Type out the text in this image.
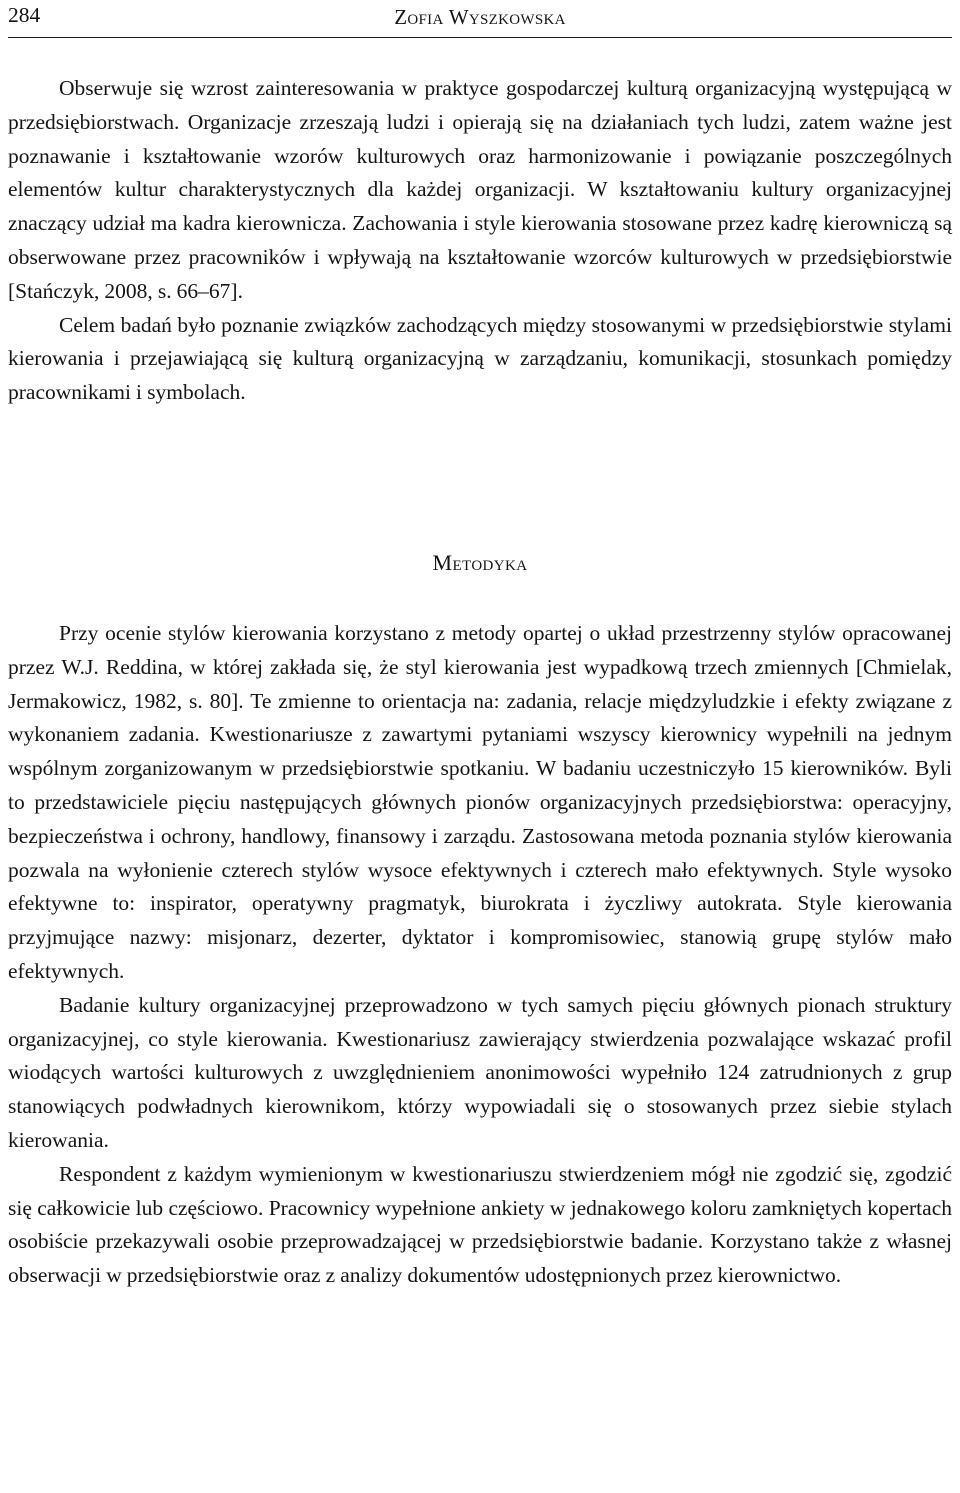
284	Zofia Wyszkowska

Obserwuje się wzrost zainteresowania w praktyce gospodarczej kulturą organizacyjną występującą w przedsiębiorstwach. Organizacje zrzeszają ludzi i opierają się na działaniach tych ludzi, zatem ważne jest poznawanie i kształtowanie wzorów kulturowych oraz harmonizowanie i powiązanie poszczególnych elementów kultur charakterystycznych dla każdej organizacji. W kształtowaniu kultury organizacyjnej znaczący udział ma kadra kierownicza. Zachowania i style kierowania stosowane przez kadrę kierowniczą są obserwowane przez pracowników i wpływają na kształtowanie wzorców kulturowych w przedsiębiorstwie [Stańczyk, 2008, s. 66–67].

Celem badań było poznanie związków zachodzących między stosowanymi w przedsiębiorstwie stylami kierowania i przejawiającą się kulturą organizacyjną w zarządzaniu, komunikacji, stosunkach pomiędzy pracownikami i symbolach.

Metodyka

Przy ocenie stylów kierowania korzystano z metody opartej o układ przestrzenny stylów opracowanej przez W.J. Reddina, w której zakłada się, że styl kierowania jest wypadkową trzech zmiennych [Chmielak, Jermakowicz, 1982, s. 80]. Te zmienne to orientacja na: zadania, relacje międzyludzkie i efekty związane z wykonaniem zadania. Kwestionariusze z zawartymi pytaniami wszyscy kierownicy wypełnili na jednym wspólnym zorganizowanym w przedsiębiorstwie spotkaniu. W badaniu uczestniczyło 15 kierowników. Byli to przedstawiciele pięciu następujących głównych pionów organizacyjnych przedsiębiorstwa: operacyjny, bezpieczeństwa i ochrony, handlowy, finansowy i zarządu. Zastosowana metoda poznania stylów kierowania pozwala na wyłonienie czterech stylów wysoce efektywnych i czterech mało efektywnych. Style wysoko efektywne to: inspirator, operatywny pragmatyk, biurokrata i życzliwy autokrata. Style kierowania przyjmujące nazwy: misjonarz, dezerter, dyktator i kompromisowiec, stanowią grupę stylów mało efektywnych.

Badanie kultury organizacyjnej przeprowadzono w tych samych pięciu głównych pionach struktury organizacyjnej, co style kierowania. Kwestionariusz zawierający stwierdzenia pozwalające wskazać profil wiodących wartości kulturowych z uwzględnieniem anonimowości wypełniło 124 zatrudnionych z grup stanowiących podwładnych kierownikom, którzy wypowiadali się o stosowanych przez siebie stylach kierowania.

Respondent z każdym wymienionym w kwestionariuszu stwierdzeniem mógł nie zgodzić się, zgodzić się całkowicie lub częściowo. Pracownicy wypełnione ankiety w jednakowego koloru zamkniętych kopertach osobiście przekazywali osobie przeprowadzającej w przedsiębiorstwie badanie. Korzystano także z własnej obserwacji w przedsiębiorstwie oraz z analizy dokumentów udostępnionych przez kierownictwo.
